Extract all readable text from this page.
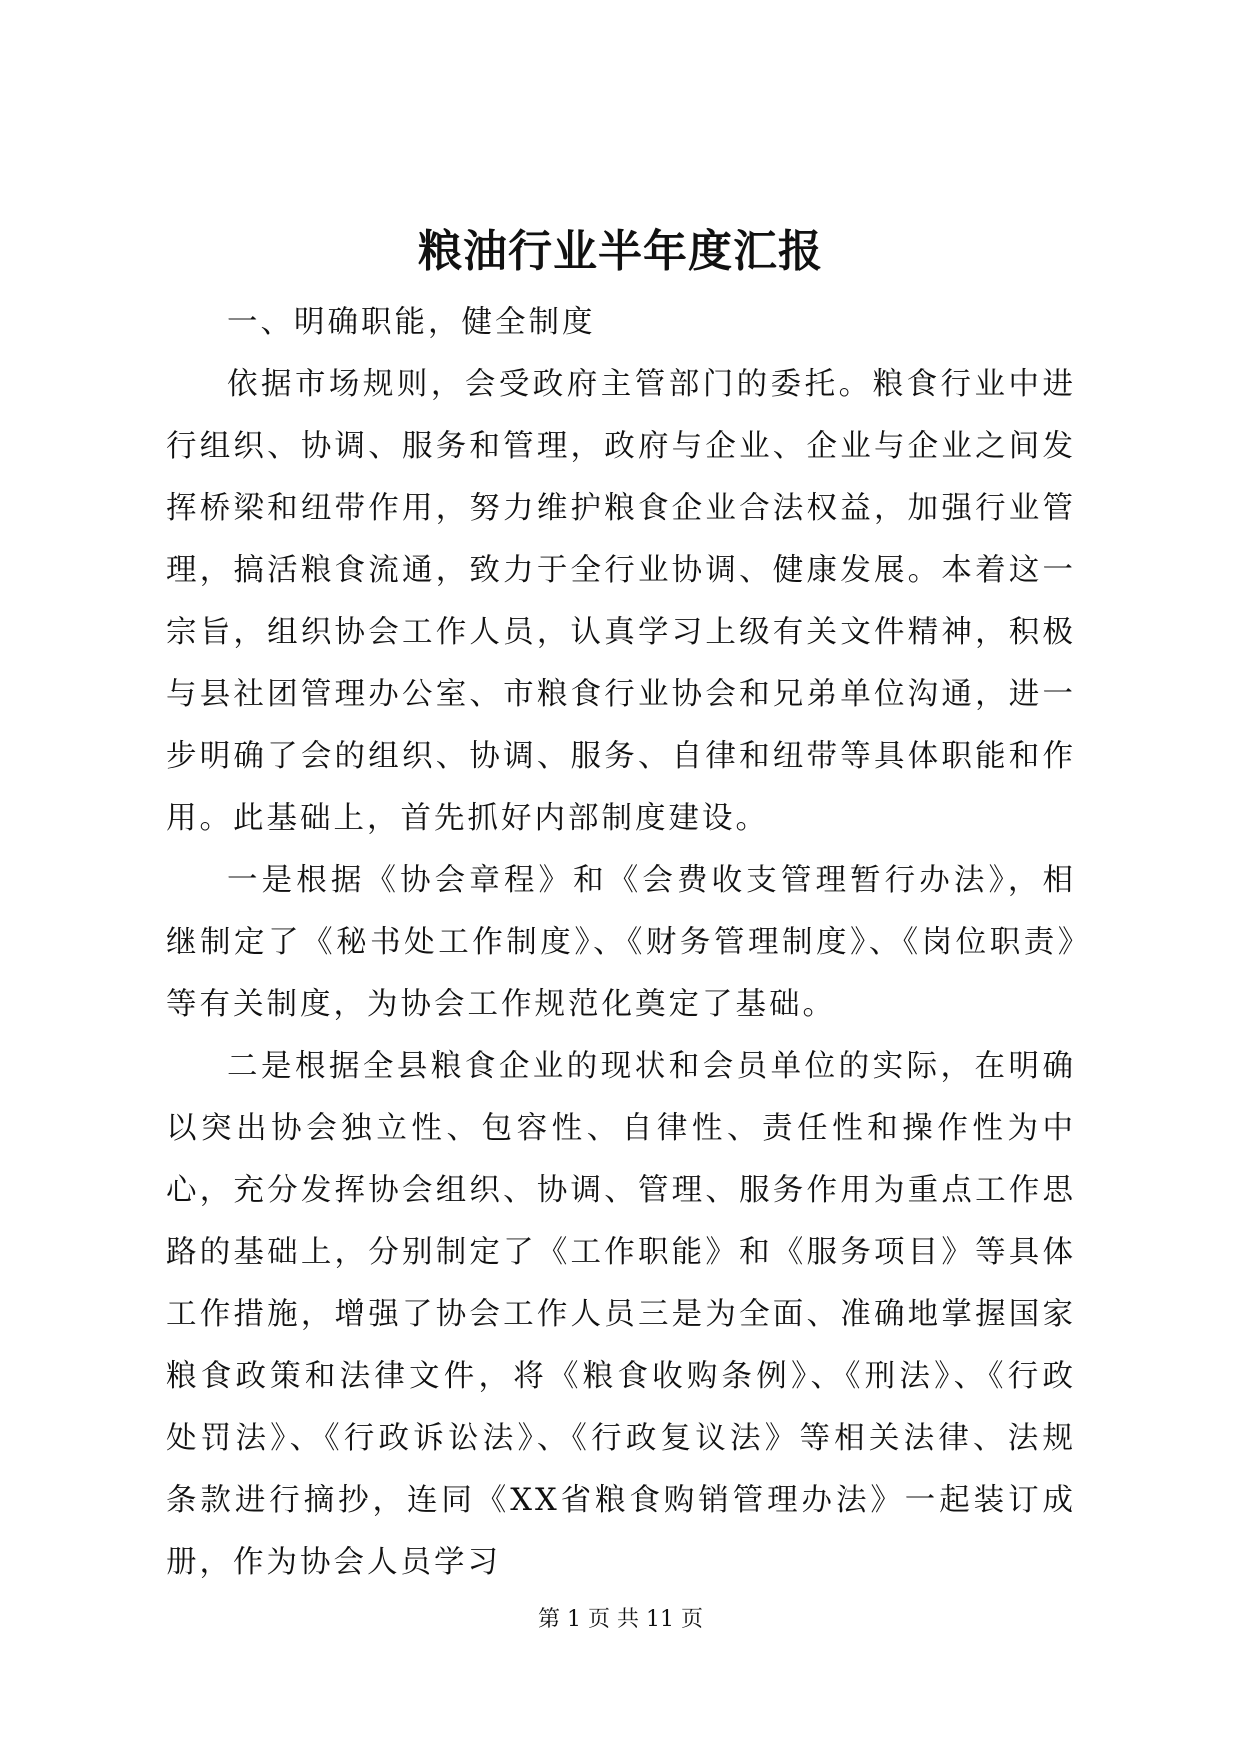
粮油行业半年度汇报

一、明确职能，健全制度

依据市场规则，会受政府主管部门的委托。粮食行业中进行组织、协调、服务和管理，政府与企业、企业与企业之间发挥桥梁和纽带作用，努力维护粮食企业合法权益，加强行业管理，搞活粮食流通，致力于全行业协调、健康发展。本着这一宗旨，组织协会工作人员，认真学习上级有关文件精神，积极与县社团管理办公室、市粮食行业协会和兄弟单位沟通，进一步明确了会的组织、协调、服务、自律和纽带等具体职能和作用。此基础上，首先抓好内部制度建设。

一是根据《协会章程》和《会费收支管理暂行办法》，相继制定了《秘书处工作制度》、《财务管理制度》、《岗位职责》等有关制度，为协会工作规范化奠定了基础。

二是根据全县粮食企业的现状和会员单位的实际，在明确以突出协会独立性、包容性、自律性、责任性和操作性为中心，充分发挥协会组织、协调、管理、服务作用为重点工作思路的基础上，分别制定了《工作职能》和《服务项目》等具体工作措施，增强了协会工作人员三是为全面、准确地掌握国家粮食政策和法律文件，将《粮食收购条例》、《刑法》、《行政处罚法》、《行政诉讼法》、《行政复议法》等相关法律、法规条款进行摘抄，连同《XX省粮食购销管理办法》一起装订成册，作为协会人员学习

第 1 页 共 11 页
